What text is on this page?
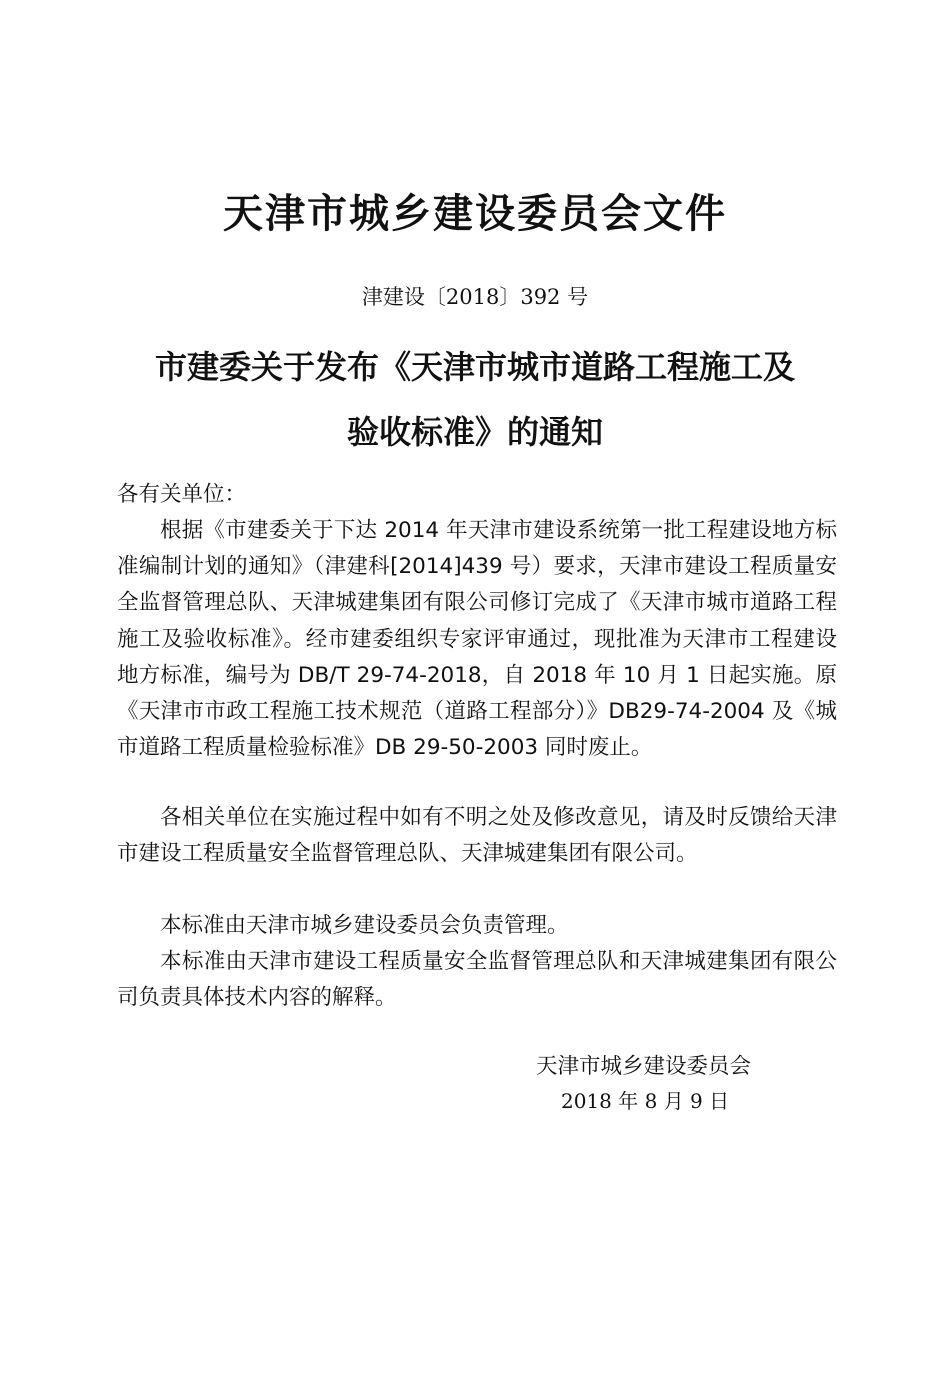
天津市城乡建设委员会文件
津建设〔2018〕392 号
市建委关于发布《天津市城市道路工程施工及
验收标准》的通知
各有关单位：
根据《市建委关于下达 2014 年天津市建设系统第一批工程建设地方标准编制计划的通知》（津建科[2014]439 号）要求，天津市建设工程质量安全监督管理总队、天津城建集团有限公司修订完成了《天津市城市道路工程施工及验收标准》。经市建委组织专家评审通过，现批准为天津市工程建设地方标准，编号为 DB/T 29-74-2018，自 2018 年 10 月 1 日起实施。原《天津市市政工程施工技术规范（道路工程部分）》DB29-74-2004 及《城市道路工程质量检验标准》DB 29-50-2003 同时废止。
各相关单位在实施过程中如有不明之处及修改意见，请及时反馈给天津市建设工程质量安全监督管理总队、天津城建集团有限公司。
本标准由天津市城乡建设委员会负责管理。
本标准由天津市建设工程质量安全监督管理总队和天津城建集团有限公司负责具体技术内容的解释。
天津市城乡建设委员会
2018 年 8 月 9 日
